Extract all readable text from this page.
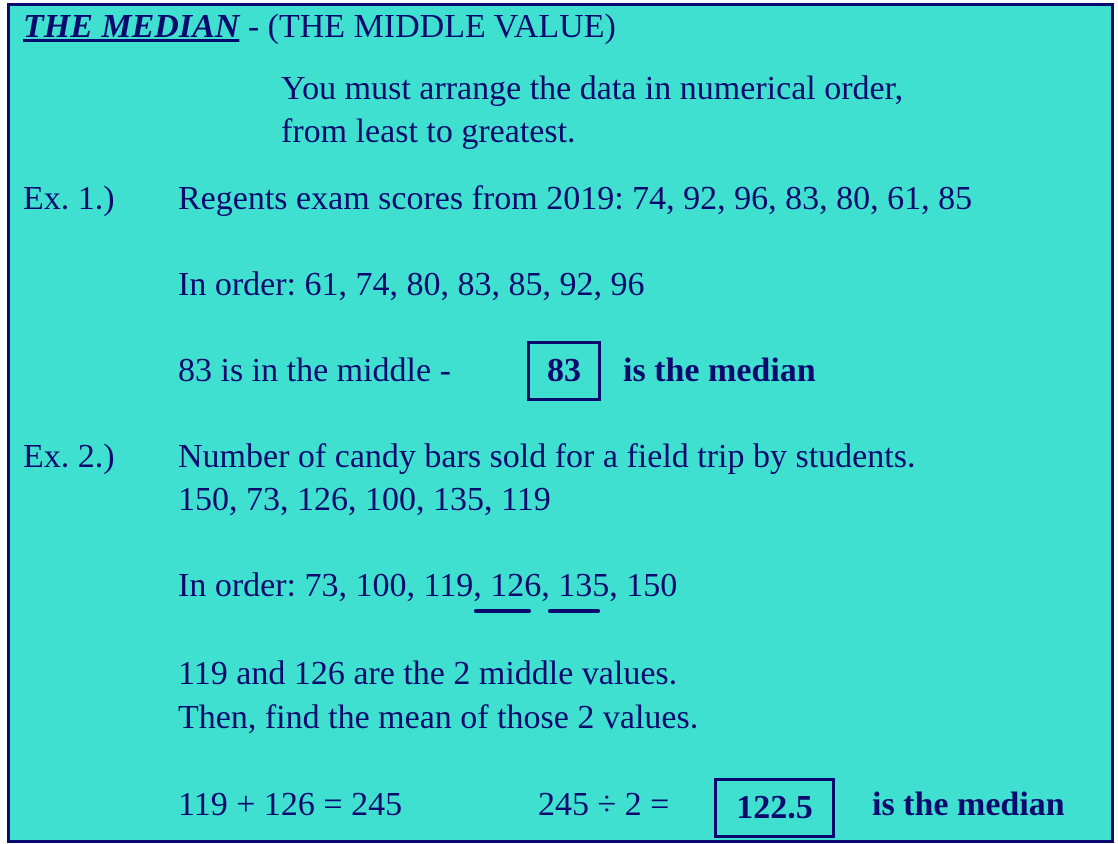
THE MEDIAN - (THE MIDDLE VALUE)
You must arrange the data in numerical order,
from least to greatest.
Ex. 1.) Regents exam scores from 2019: 74, 92, 96, 83, 80, 61, 85
In order: 61, 74, 80, 83, 85, 92, 96
83 is in the middle -	83	is the median
Ex. 2.) Number of candy bars sold for a field trip by students.
150, 73, 126, 100, 135, 119
In order: 73, 100, 119, 126, 135, 150
119 and 126 are the 2 middle values.
Then, find the mean of those 2 values.
119 + 126 = 245	245 ÷ 2 =	122.5	is the median
